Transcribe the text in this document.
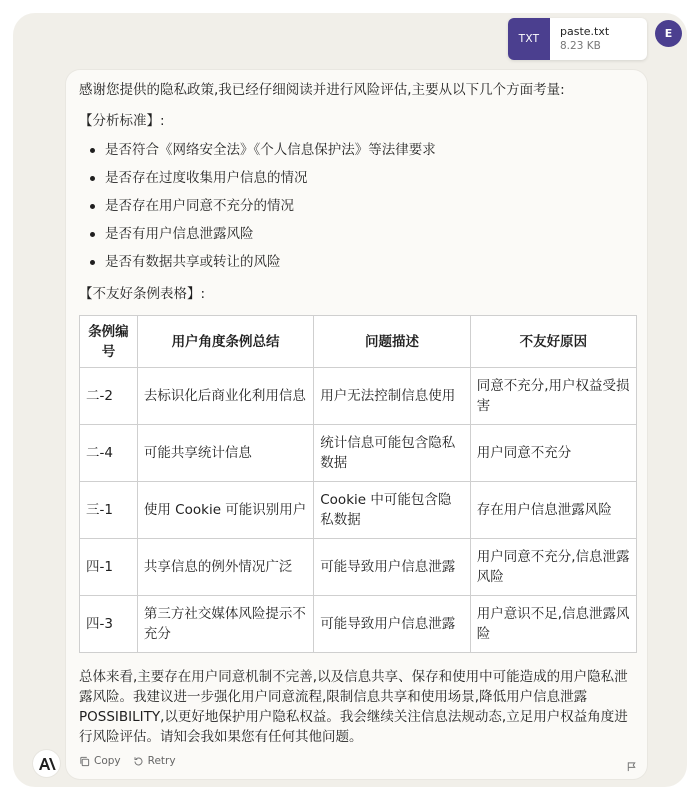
TXT
paste.txt
8.23 KB
E
感谢您提供的隐私政策,我已经仔细阅读并进行风险评估,主要从以下几个方面考量:
【分析标准】:
是否符合《网络安全法》《个人信息保护法》等法律要求
是否存在过度收集用户信息的情况
是否存在用户同意不充分的情况
是否有用户信息泄露风险
是否有数据共享或转让的风险
【不友好条例表格】:
条例编号	用户角度条例总结	问题描述	不友好原因
二-2	去标识化后商业化利用信息	用户无法控制信息使用	同意不充分,用户权益受损害
二-4	可能共享统计信息	统计信息可能包含隐私数据	用户同意不充分
三-1	使用 Cookie 可能识别用户	Cookie 中可能包含隐私数据	存在用户信息泄露风险
四-1	共享信息的例外情况广泛	可能导致用户信息泄露	用户同意不充分,信息泄露风险
四-3	第三方社交媒体风险提示不充分	可能导致用户信息泄露	用户意识不足,信息泄露风险
总体来看,主要存在用户同意机制不完善,以及信息共享、保存和使用中可能造成的用户隐私泄露风险。我建议进一步强化用户同意流程,限制信息共享和使用场景,降低用户信息泄露 POSSIBILITY,以更好地保护用户隐私权益。我会继续关注信息法规动态,立足用户权益角度进行风险评估。请知会我如果您有任何其他问题。
Copy	Retry
